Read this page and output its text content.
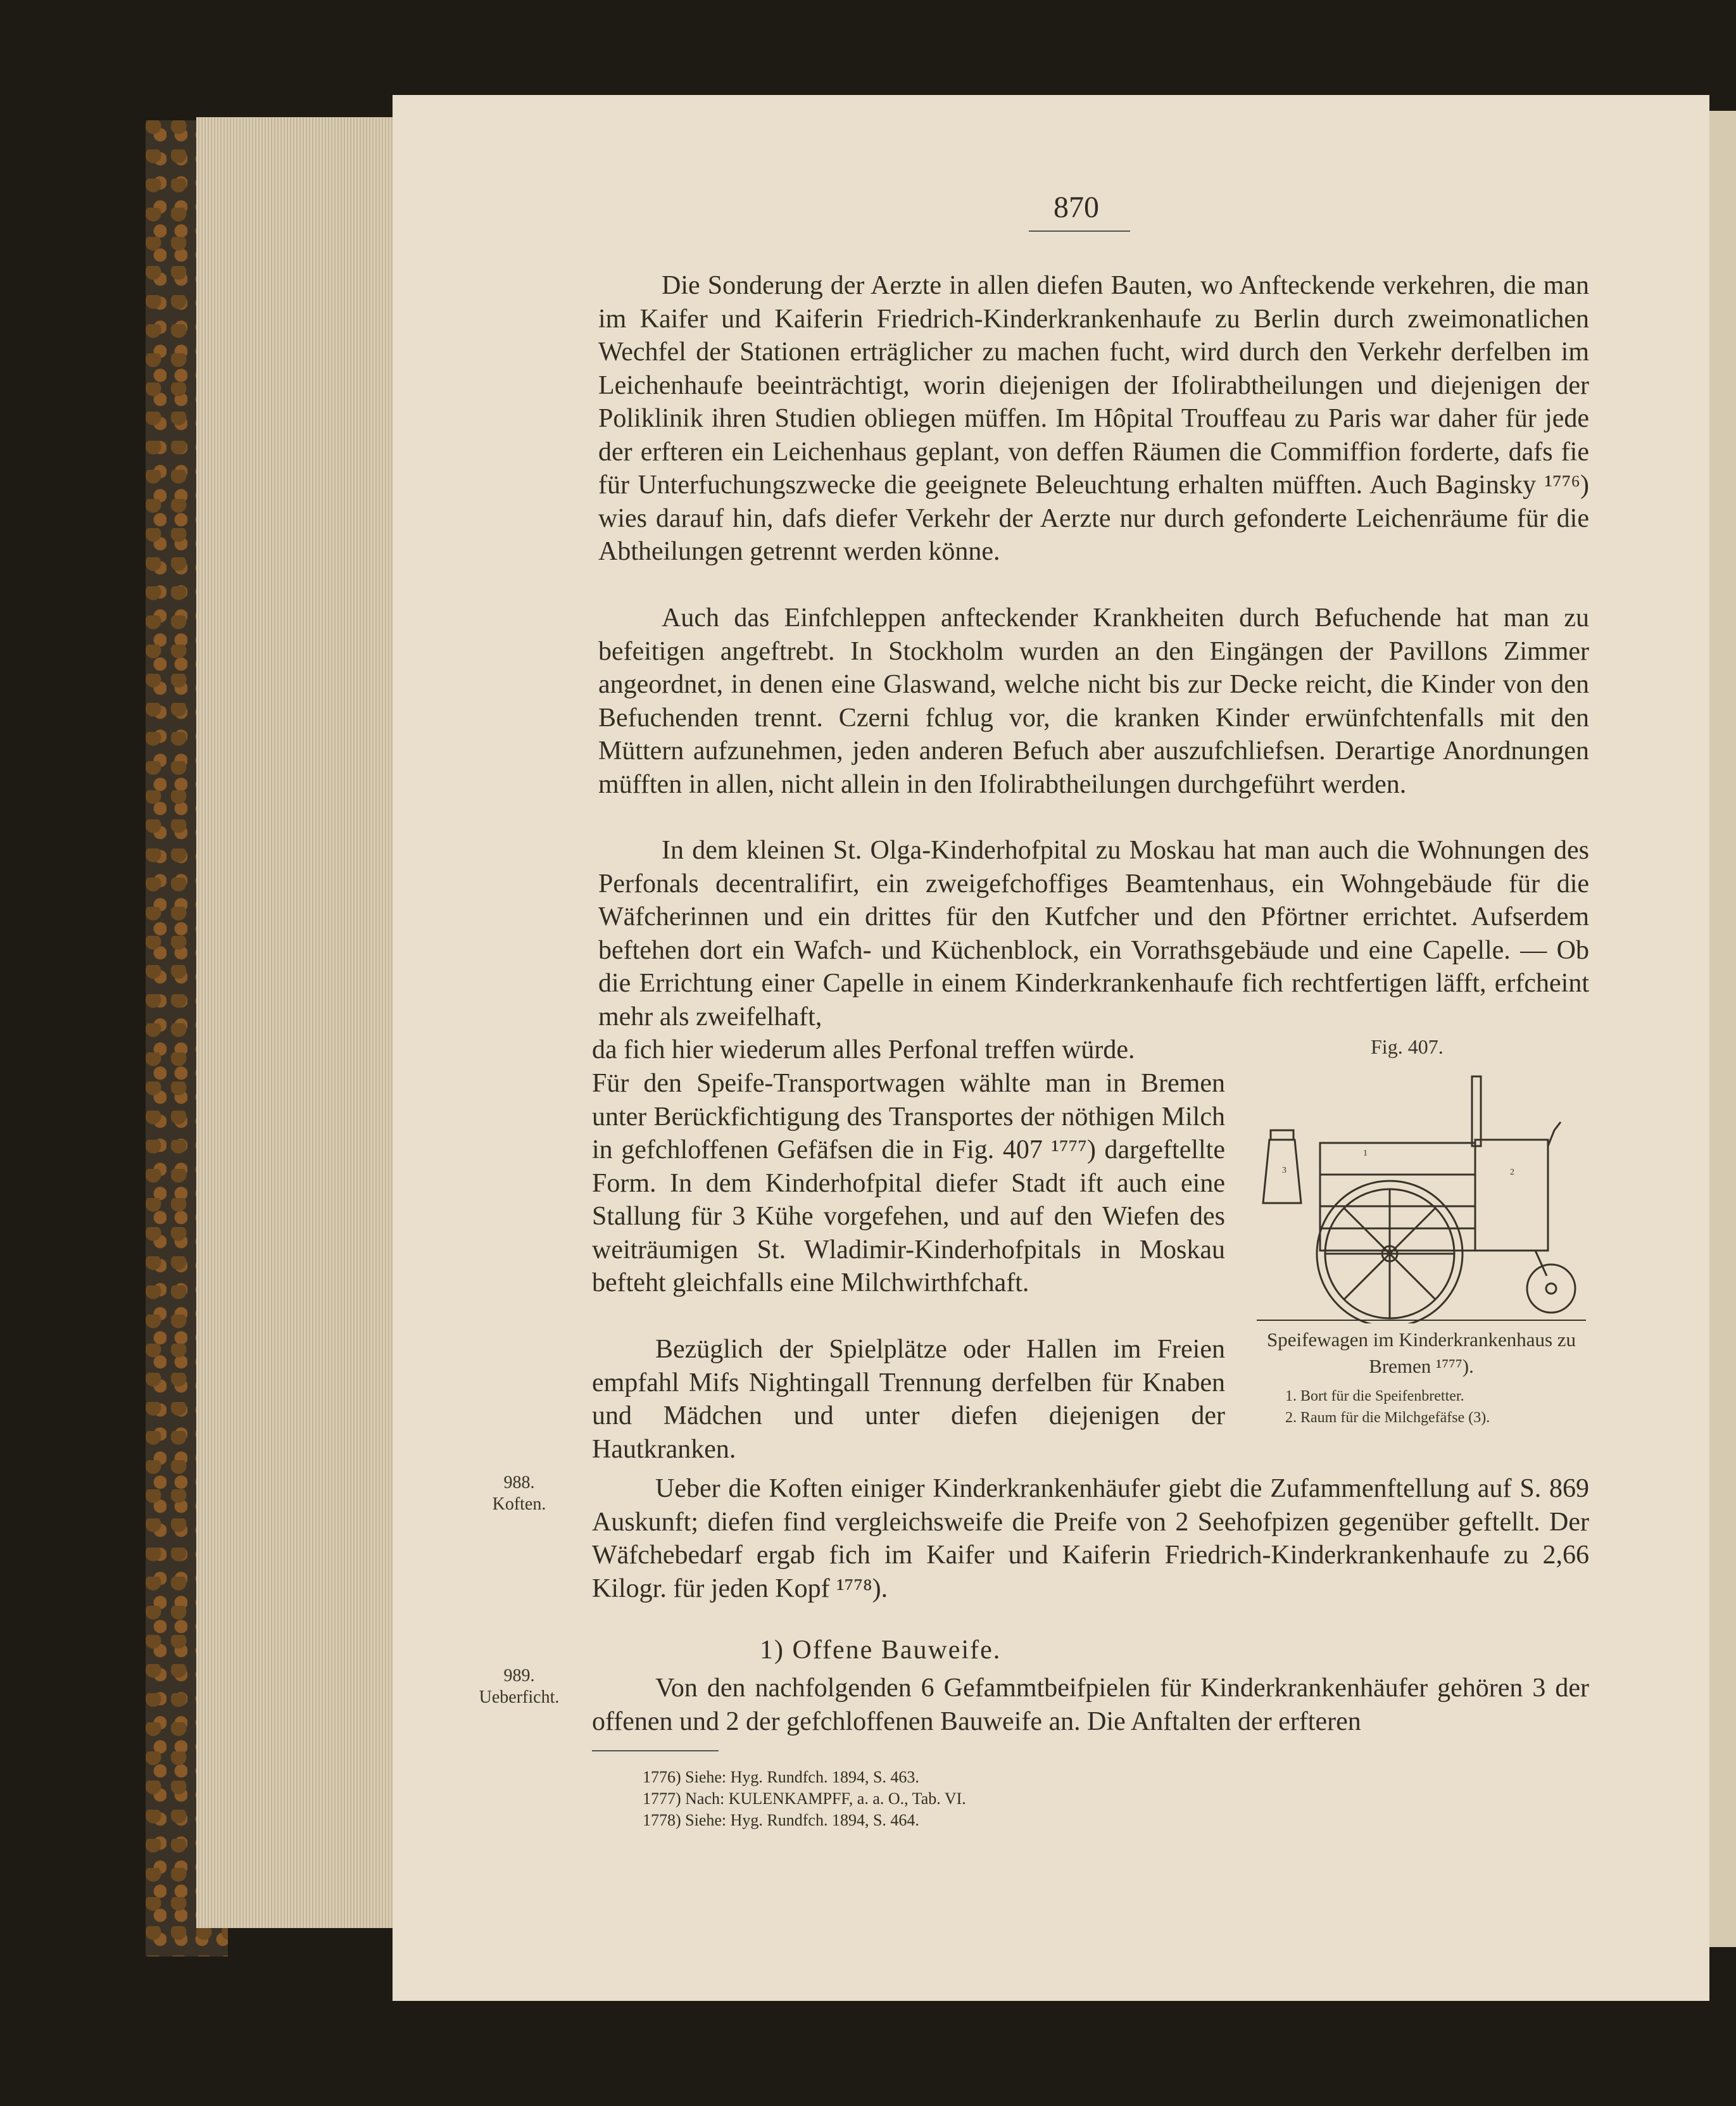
870
Die Sonderung der Aerzte in allen diefen Bauten, wo Anfteckende verkehren, die man im Kaifer und Kaiferin Friedrich-Kinderkrankenhaufe zu Berlin durch zweimonatlichen Wechfel der Stationen erträglicher zu machen fucht, wird durch den Verkehr derfelben im Leichenhaufe beeinträchtigt, worin diejenigen der Ifolirabtheilungen und diejenigen der Poliklinik ihren Studien obliegen müffen. Im Hôpital Trouffeau zu Paris war daher für jede der erfteren ein Leichenhaus geplant, von deffen Räumen die Commiffion forderte, dafs fie für Unterfuchungszwecke die geeignete Beleuchtung erhalten müfften. Auch Baginsky ¹⁷⁷⁶) wies darauf hin, dafs diefer Verkehr der Aerzte nur durch gefonderte Leichenräume für die Abtheilungen getrennt werden könne.
Auch das Einfchleppen anfteckender Krankheiten durch Befuchende hat man zu befeitigen angeftrebt. In Stockholm wurden an den Eingängen der Pavillons Zimmer angeordnet, in denen eine Glaswand, welche nicht bis zur Decke reicht, die Kinder von den Befuchenden trennt. Czerni fchlug vor, die kranken Kinder erwünfchtenfalls mit den Müttern aufzunehmen, jeden anderen Befuch aber auszufchliefsen. Derartige Anordnungen müfften in allen, nicht allein in den Ifolirabtheilungen durchgeführt werden.
In dem kleinen St. Olga-Kinderhofpital zu Moskau hat man auch die Wohnungen des Perfonals decentralifirt, ein zweigefchoffiges Beamtenhaus, ein Wohngebäude für die Wäfcherinnen und ein drittes für den Kutfcher und den Pförtner errichtet. Aufserdem beftehen dort ein Wafch- und Küchenblock, ein Vorrathsgebäude und eine Capelle. — Ob die Errichtung einer Capelle in einem Kinderkrankenhaufe fich rechtfertigen läfft, erfcheint mehr als zweifelhaft,
da fich hier wiederum alles Perfonal treffen würde.
Für den Speife-Transportwagen wählte man in Bremen unter Berückfichtigung des Transportes der nöthigen Milch in gefchloffenen Gefäfsen die in Fig. 407 ¹⁷⁷⁷) dargeftellte Form. In dem Kinderhofpital diefer Stadt ift auch eine Stallung für 3 Kühe vorgefehen, und auf den Wiefen des weiträumigen St. Wladimir-Kinderhofpitals in Moskau befteht gleichfalls eine Milchwirthfchaft.
Bezüglich der Spielplätze oder Hallen im Freien empfahl Mifs Nightingall Trennung derfelben für Knaben und Mädchen und unter diefen diejenigen der Hautkranken.
Ueber die Koften einiger Kinderkrankenhäufer giebt die Zufammenftellung auf S. 869 Auskunft; diefen find vergleichsweife die Preife von 2 Seehofpizen gegenüber geftellt. Der Wäfchebedarf ergab fich im Kaifer und Kaiferin Friedrich-Kinderkrankenhaufe zu 2,66 Kilogr. für jeden Kopf ¹⁷⁷⁸).
Von den nachfolgenden 6 Gefammtbeifpielen für Kinderkrankenhäufer gehören 3 der offenen und 2 der gefchloffenen Bauweife an. Die Anftalten der erfteren
Fig. 407.
3
1
2
Speifewagen im Kinderkrankenhaus zu Bremen ¹⁷⁷⁷).
1. Bort für die Speifenbretter.
2. Raum für die Milchgefäfse (3).
988.
Koften.
989.
Ueberficht.
1) Offene Bauweife.
1776) Siehe: Hyg. Rundfch. 1894, S. 463.
1777) Nach: KULENKAMPFF, a. a. O., Tab. VI.
1778) Siehe: Hyg. Rundfch. 1894, S. 464.
